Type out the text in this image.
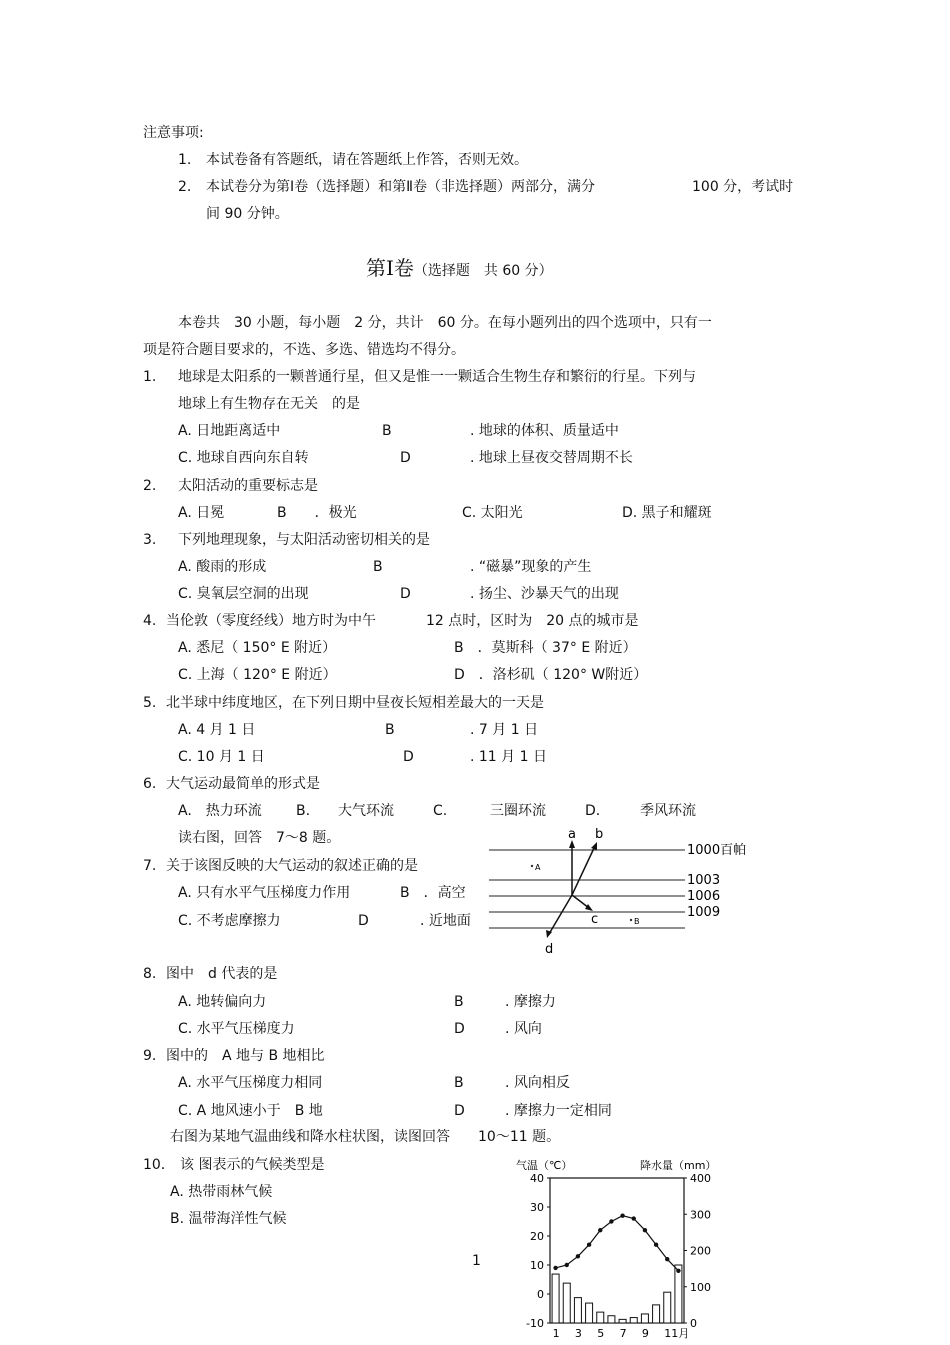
注意事项:
1. 本试卷备有答题纸，请在答题纸上作答，否则无效。
2. 本试卷分为第Ⅰ卷（选择题）和第Ⅱ卷（非选择题）两部分，满分	100 分，考试时
间 90 分钟。
第Ⅰ卷（选择题　共 60 分）
本卷共　30 小题，每小题　2 分，共计　60 分。在每小题列出的四个选项中，只有一
项是符合题目要求的，不选、多选、错选均不得分。
1. 地球是太阳系的一颗普通行星，但又是惟一一颗适合生物生存和繁衍的行星。下列与
地球上有生物存在无关　的是
A. 日地距离适中	B	. 地球的体积、质量适中
C. 地球自西向东自转	D	. 地球上昼夜交替周期不长
2. 太阳活动的重要标志是
A. 日冕	B　　．极光	C. 太阳光	D. 黑子和耀斑
3. 下列地理现象，与太阳活动密切相关的是
A. 酸雨的形成	B	. “磁暴”现象的产生
C. 臭氧层空洞的出现	D	. 扬尘、沙暴天气的出现
4. 当伦敦（零度经线）地方时为中午	12 点时，区时为　20 点的城市是
A. 悉尼（ 150° E 附近）	B　．莫斯科（ 37° E 附近）
C. 上海（ 120° E 附近）	D　．洛杉矶（ 120° W附近）
5. 北半球中纬度地区，在下列日期中昼夜长短相差最大的一天是
A. 4 月 1 日	B	. 7 月 1 日
C. 10 月 1 日	D	. 11 月 1 日
6. 大气运动最简单的形式是
A.　热力环流 B.　　大气环流	C.	三圈环流	D.	季风环流
读右图，回答　7～8 题。
7. 关于该图反映的大气运动的叙述正确的是
A. 只有水平气压梯度力作用	B　．高空
C. 不考虑摩擦力	D	. 近地面
a b
c
d
A
B
1000百帕
1003
1006
1009
8. 图中　d 代表的是
A. 地转偏向力	B	. 摩擦力
C. 水平气压梯度力	D	. 风向
9. 图中的　A 地与 B 地相比
A. 水平气压梯度力相同	B	. 风向相反
C. A 地风速小于　B 地	D	. 摩擦力一定相同
右图为某地气温曲线和降水柱状图，读图回答　　10～11 题。
10． 该 图表示的气候类型是
A. 热带雨林气候
B. 温带海洋性气候
1
气温（℃）	降水量（mm）
40
30
20
10
0
-10
400
300
200
100
0
1 3 5 7 9 11月
